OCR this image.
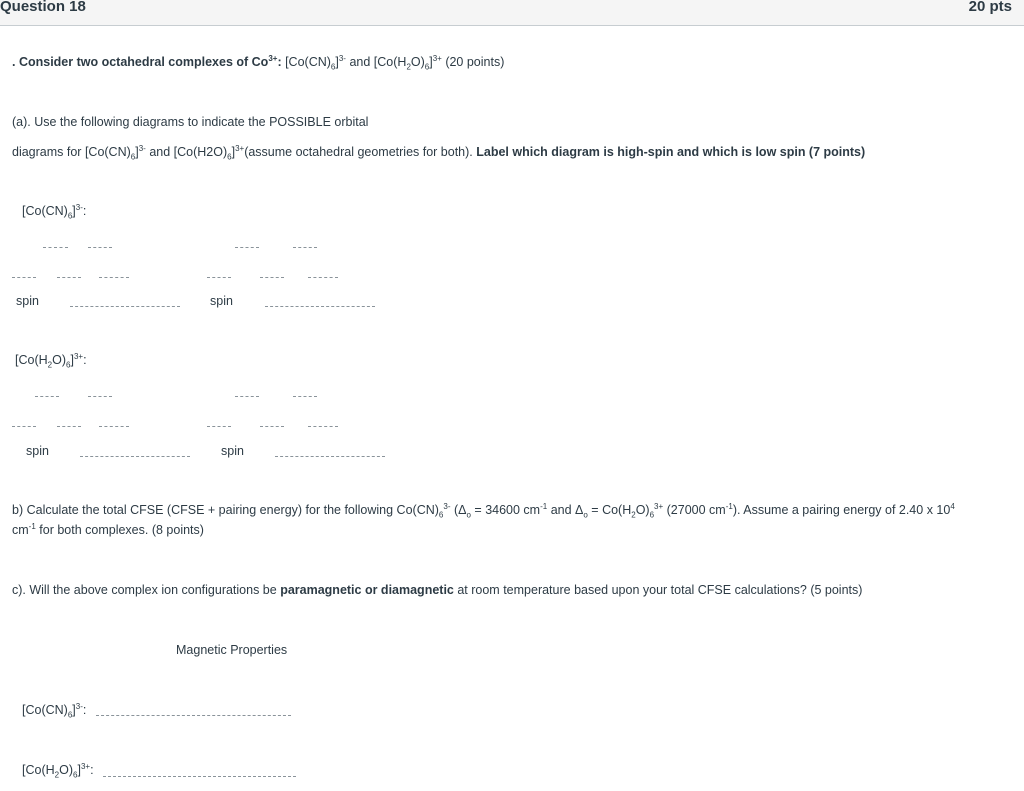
Question 18	20 pts
. Consider two octahedral complexes of $Co^{3+}$: $[Co(CN)_6]^{3-}$ and $[Co(H_2O)_6]^{3+}$ (20 points)
(a). Use the following diagrams to indicate the POSSIBLE orbital
diagrams for $[Co(CN)_6]^{3-}$ and $[Co(H2O)_6]^{3+}(assume$ octahedral geometries for both). Label which diagram is high-spin and which is low spin (7 points)
$[Co(CN)_6]^{3-}$:
spin	spin
$[Co(H_2O)_6]^{3+}$:
spin	spin
b) Calculate the total CFSE (CFSE + pairing energy) for the following $Co(CN)_6^{3-}$ ($\Delta_o = 34600$ $cm^{-1}$ and $\Delta_o = Co(H_2O)_6^{3+}$ (27000 $cm^{-1}$). Assume a pairing energy of 2.40 x $10^4$
$cm^{-1}$ for both complexes. (8 points)
c). Will the above complex ion configurations be paramagnetic or diamagnetic at room temperature based upon your total CFSE calculations? (5 points)
Magnetic Properties
$[Co(CN)_6]^{3-}$:
$[Co(H_2O)_6]^{3+}$:
